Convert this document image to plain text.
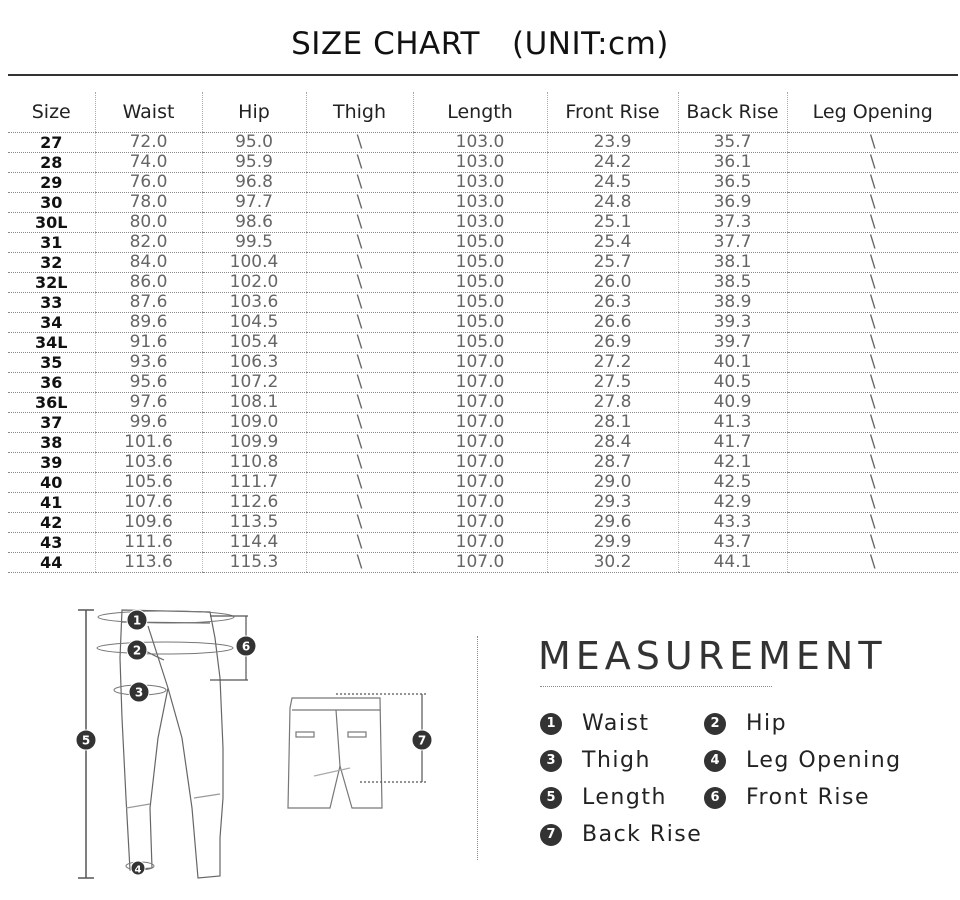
SIZE CHART (UNIT:cm)
Size	Waist	Hip	Thigh	Length	Front Rise	Back Rise	Leg Opening
27	72.0	95.0	\	103.0	23.9	35.7	\
28	74.0	95.9	\	103.0	24.2	36.1	\
29	76.0	96.8	\	103.0	24.5	36.5	\
30	78.0	97.7	\	103.0	24.8	36.9	\
30L	80.0	98.6	\	103.0	25.1	37.3	\
31	82.0	99.5	\	105.0	25.4	37.7	\
32	84.0	100.4	\	105.0	25.7	38.1	\
32L	86.0	102.0	\	105.0	26.0	38.5	\
33	87.6	103.6	\	105.0	26.3	38.9	\
34	89.6	104.5	\	105.0	26.6	39.3	\
34L	91.6	105.4	\	105.0	26.9	39.7	\
35	93.6	106.3	\	107.0	27.2	40.1	\
36	95.6	107.2	\	107.0	27.5	40.5	\
36L	97.6	108.1	\	107.0	27.8	40.9	\
37	99.6	109.0	\	107.0	28.1	41.3	\
38	101.6	109.9	\	107.0	28.4	41.7	\
39	103.6	110.8	\	107.0	28.7	42.1	\
40	105.6	111.7	\	107.0	29.0	42.5	\
41	107.6	112.6	\	107.0	29.3	42.9	\
42	109.6	113.5	\	107.0	29.6	43.3	\
43	111.6	114.4	\	107.0	29.9	43.7	\
44	113.6	115.3	\	107.0	30.2	44.1	\
1
2
3
4
5
6
7
MEASUREMENT
1 Waist	2 Hip
3 Thigh	4 Leg Opening
5 Length	6 Front Rise
7 Back Rise
